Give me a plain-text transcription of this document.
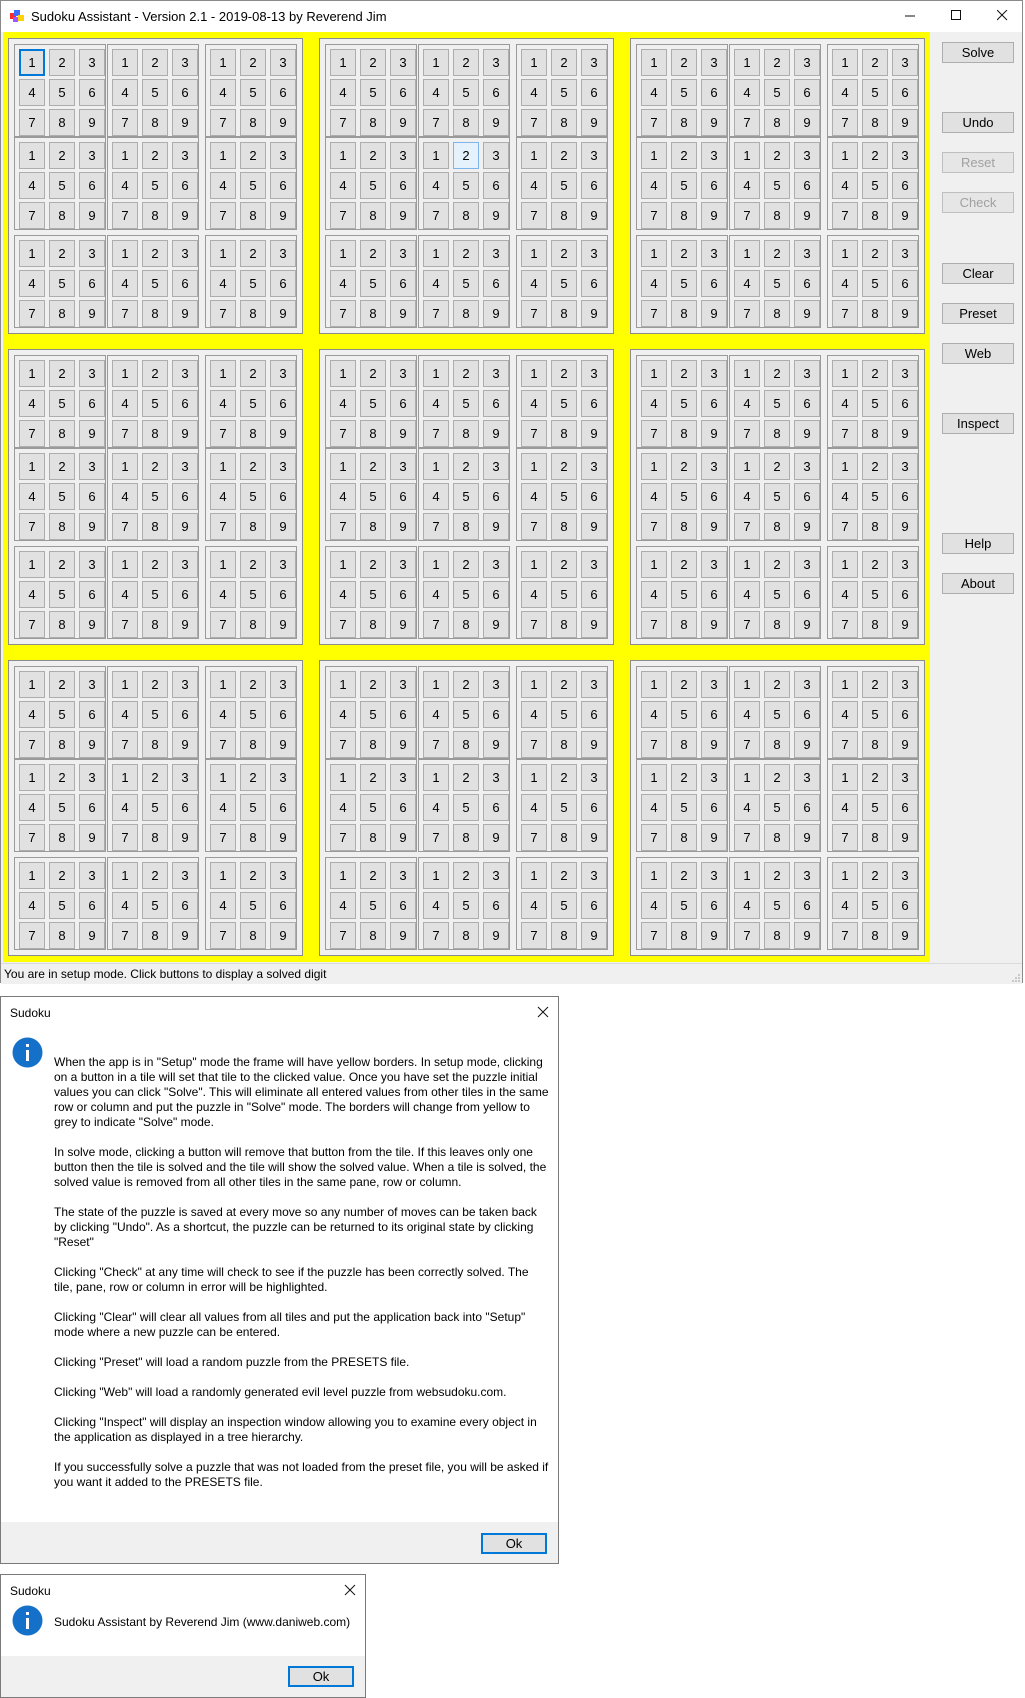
Sudoku Assistant - Version 2.1 - 2019-08-13 by Reverend Jim
1	2	3
4	5	6
7	8	9
1	2	3
4	5	6
7	8	9
1	2	3
4	5	6
7	8	9
1	2	3
4	5	6
7	8	9
1	2	3
4	5	6
7	8	9
1	2	3
4	5	6
7	8	9
1	2	3
4	5	6
7	8	9
1	2	3
4	5	6
7	8	9
1	2	3
4	5	6
7	8	9
1	2	3
4	5	6
7	8	9
1	2	3
4	5	6
7	8	9
1	2	3
4	5	6
7	8	9
1	2	3
4	5	6
7	8	9
1	2	3
4	5	6
7	8	9
1	2	3
4	5	6
7	8	9
1	2	3
4	5	6
7	8	9
1	2	3
4	5	6
7	8	9
1	2	3
4	5	6
7	8	9
1	2	3
4	5	6
7	8	9
1	2	3
4	5	6
7	8	9
1	2	3
4	5	6
7	8	9
1	2	3
4	5	6
7	8	9
1	2	3
4	5	6
7	8	9
1	2	3
4	5	6
7	8	9
1	2	3
4	5	6
7	8	9
1	2	3
4	5	6
7	8	9
1	2	3
4	5	6
7	8	9
1	2	3
4	5	6
7	8	9
1	2	3
4	5	6
7	8	9
1	2	3
4	5	6
7	8	9
1	2	3
4	5	6
7	8	9
1	2	3
4	5	6
7	8	9
1	2	3
4	5	6
7	8	9
1	2	3
4	5	6
7	8	9
1	2	3
4	5	6
7	8	9
1	2	3
4	5	6
7	8	9
1	2	3
4	5	6
7	8	9
1	2	3
4	5	6
7	8	9
1	2	3
4	5	6
7	8	9
1	2	3
4	5	6
7	8	9
1	2	3
4	5	6
7	8	9
1	2	3
4	5	6
7	8	9
1	2	3
4	5	6
7	8	9
1	2	3
4	5	6
7	8	9
1	2	3
4	5	6
7	8	9
1	2	3
4	5	6
7	8	9
1	2	3
4	5	6
7	8	9
1	2	3
4	5	6
7	8	9
1	2	3
4	5	6
7	8	9
1	2	3
4	5	6
7	8	9
1	2	3
4	5	6
7	8	9
1	2	3
4	5	6
7	8	9
1	2	3
4	5	6
7	8	9
1	2	3
4	5	6
7	8	9
1	2	3
4	5	6
7	8	9
1	2	3
4	5	6
7	8	9
1	2	3
4	5	6
7	8	9
1	2	3
4	5	6
7	8	9
1	2	3
4	5	6
7	8	9
1	2	3
4	5	6
7	8	9
1	2	3
4	5	6
7	8	9
1	2	3
4	5	6
7	8	9
1	2	3
4	5	6
7	8	9
1	2	3
4	5	6
7	8	9
1	2	3
4	5	6
7	8	9
1	2	3
4	5	6
7	8	9
1	2	3
4	5	6
7	8	9
1	2	3
4	5	6
7	8	9
1	2	3
4	5	6
7	8	9
1	2	3
4	5	6
7	8	9
1	2	3
4	5	6
7	8	9
1	2	3
4	5	6
7	8	9
1	2	3
4	5	6
7	8	9
1	2	3
4	5	6
7	8	9
1	2	3
4	5	6
7	8	9
1	2	3
4	5	6
7	8	9
1	2	3
4	5	6
7	8	9
1	2	3
4	5	6
7	8	9
1	2	3
4	5	6
7	8	9
1	2	3
4	5	6
7	8	9
1	2	3
4	5	6
7	8	9
Solve
Undo
Reset
Check
Clear
Preset
Web
Inspect
Help
About
You are in setup mode. Click buttons to display a solved digit
Sudoku

When the app is in "Setup" mode the frame will have yellow borders. In setup mode, clicking on a button in a tile will set that tile to the clicked value. Once you have set the puzzle initial values you can click "Solve". This will eliminate all entered values from other tiles in the same row or column and put the puzzle in "Solve" mode. The borders will change from yellow to grey to indicate "Solve" mode.

In solve mode, clicking a button will remove that button from the tile. If this leaves only one button then the tile is solved and the tile will show the solved value. When a tile is solved, the solved value is removed from all other tiles in the same pane, row or column.

The state of the puzzle is saved at every move so any number of moves can be taken back by clicking "Undo". As a shortcut, the puzzle can be returned to its original state by clicking "Reset"

Clicking "Check" at any time will check to see if the puzzle has been correctly solved. The tile, pane, row or column in error will be highlighted.

Clicking "Clear" will clear all values from all tiles and put the application back into "Setup" mode where a new puzzle can be entered.

Clicking "Preset" will load a random puzzle from the PRESETS file.

Clicking "Web" will load a randomly generated evil level puzzle from websudoku.com.

Clicking "Inspect" will display an inspection window allowing you to examine every object in the application as displayed in a tree hierarchy.

If you successfully solve a puzzle that was not loaded from the preset file, you will be asked if you want it added to the PRESETS file.

Ok
Sudoku
Sudoku Assistant by Reverend Jim (www.daniweb.com)
Ok
